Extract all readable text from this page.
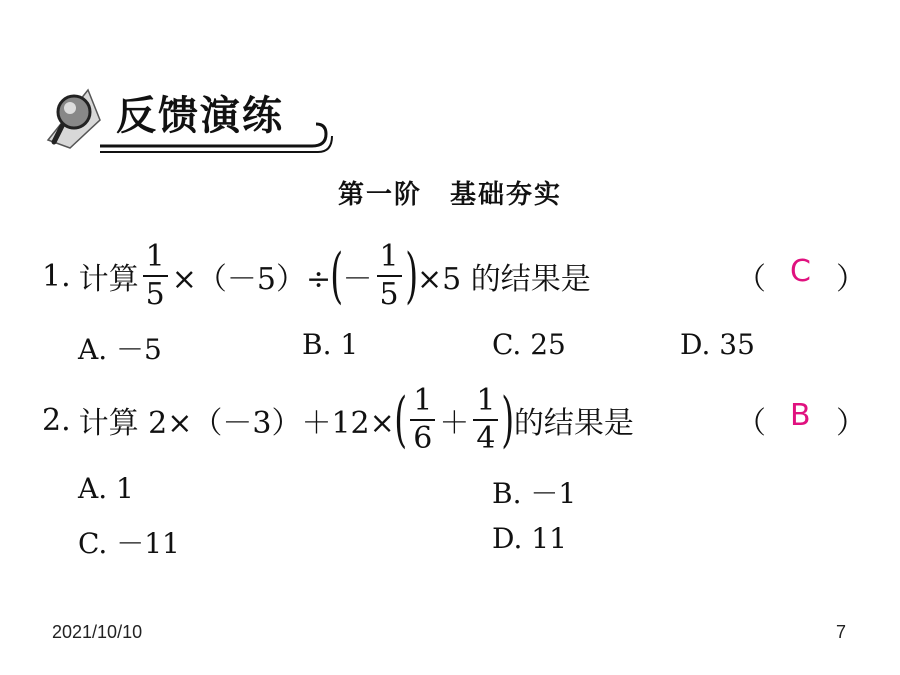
反馈演练
第一阶　基础夯实
1. 计算 $\frac{1}{5} \times(-5)\div$ ( － $\frac{1}{5}$ ) ×5 的结果是	（ C ）
A. －5	B. 1	C. 25	D. 35
2. 计算 2×（－3）＋12× ( $\frac{1}{6} + \frac{1}{4}$ ) 的结果是	（ B ）
A. 1	B. －1
C. －11	D. 11
2021/10/10	7
